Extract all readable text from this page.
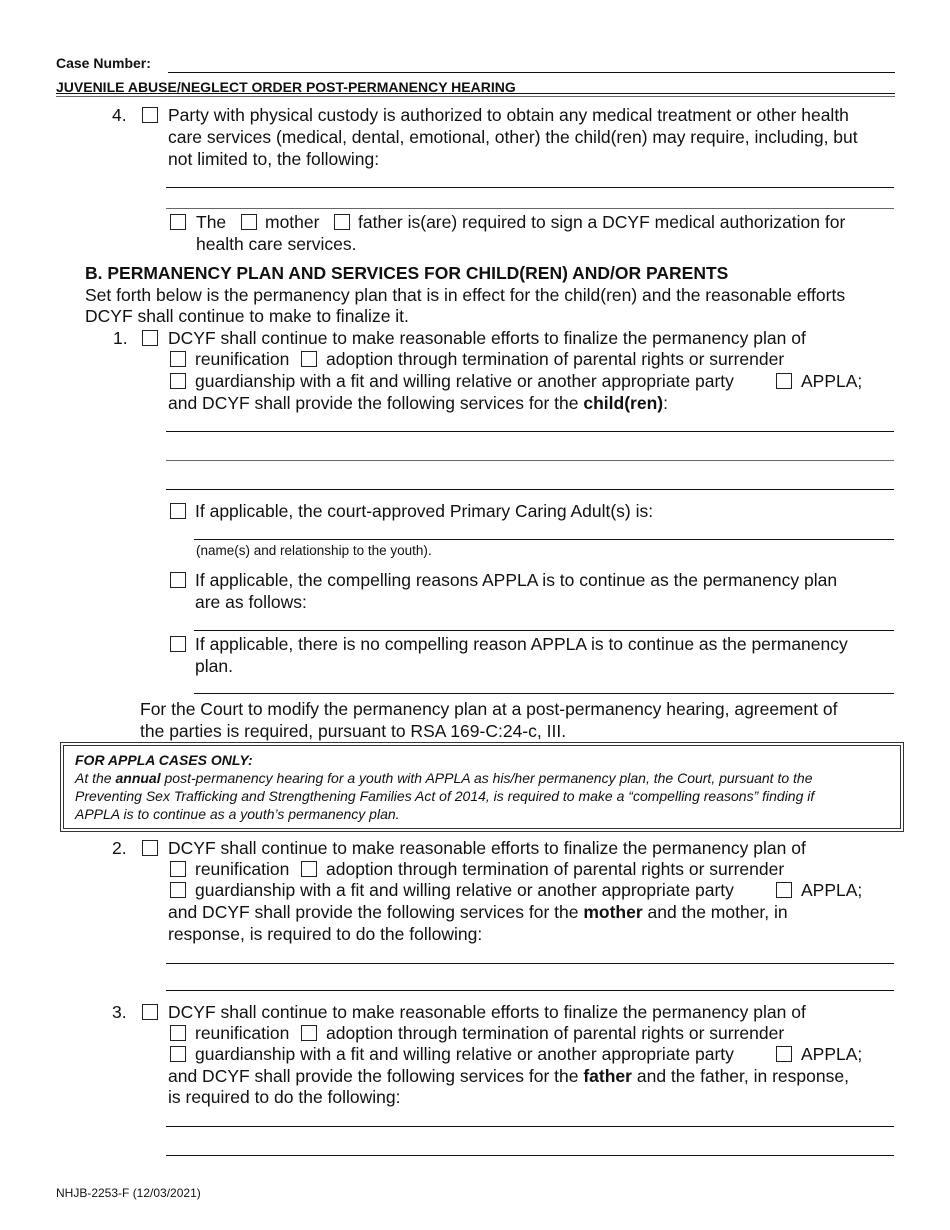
Case Number:
JUVENILE ABUSE/NEGLECT ORDER POST-PERMANENCY HEARING
4. Party with physical custody is authorized to obtain any medical treatment or other health
care services (medical, dental, emotional, other) the child(ren) may require, including, but
not limited to, the following:
The mother father is(are) required to sign a DCYF medical authorization for
health care services.
B. PERMANENCY PLAN AND SERVICES FOR CHILD(REN) AND/OR PARENTS
Set forth below is the permanency plan that is in effect for the child(ren) and the reasonable efforts
DCYF shall continue to make to finalize it.
1. DCYF shall continue to make reasonable efforts to finalize the permanency plan of
reunification adoption through termination of parental rights or surrender
guardianship with a fit and willing relative or another appropriate party	APPLA;
and DCYF shall provide the following services for the child(ren):
If applicable, the court-approved Primary Caring Adult(s) is:
(name(s) and relationship to the youth).
If applicable, the compelling reasons APPLA is to continue as the permanency plan
are as follows:
If applicable, there is no compelling reason APPLA is to continue as the permanency
plan.
For the Court to modify the permanency plan at a post-permanency hearing, agreement of
the parties is required, pursuant to RSA 169-C:24-c, III.
FOR APPLA CASES ONLY:
At the annual post-permanency hearing for a youth with APPLA as his/her permanency plan, the Court, pursuant to the
Preventing Sex Trafficking and Strengthening Families Act of 2014, is required to make a “compelling reasons” finding if
APPLA is to continue as a youth’s permanency plan.
2. DCYF shall continue to make reasonable efforts to finalize the permanency plan of
reunification adoption through termination of parental rights or surrender
guardianship with a fit and willing relative or another appropriate party	APPLA;
and DCYF shall provide the following services for the mother and the mother, in
response, is required to do the following:
3. DCYF shall continue to make reasonable efforts to finalize the permanency plan of
reunification adoption through termination of parental rights or surrender
guardianship with a fit and willing relative or another appropriate party	APPLA;
and DCYF shall provide the following services for the father and the father, in response,
is required to do the following:
NHJB-2253-F (12/03/2021)
